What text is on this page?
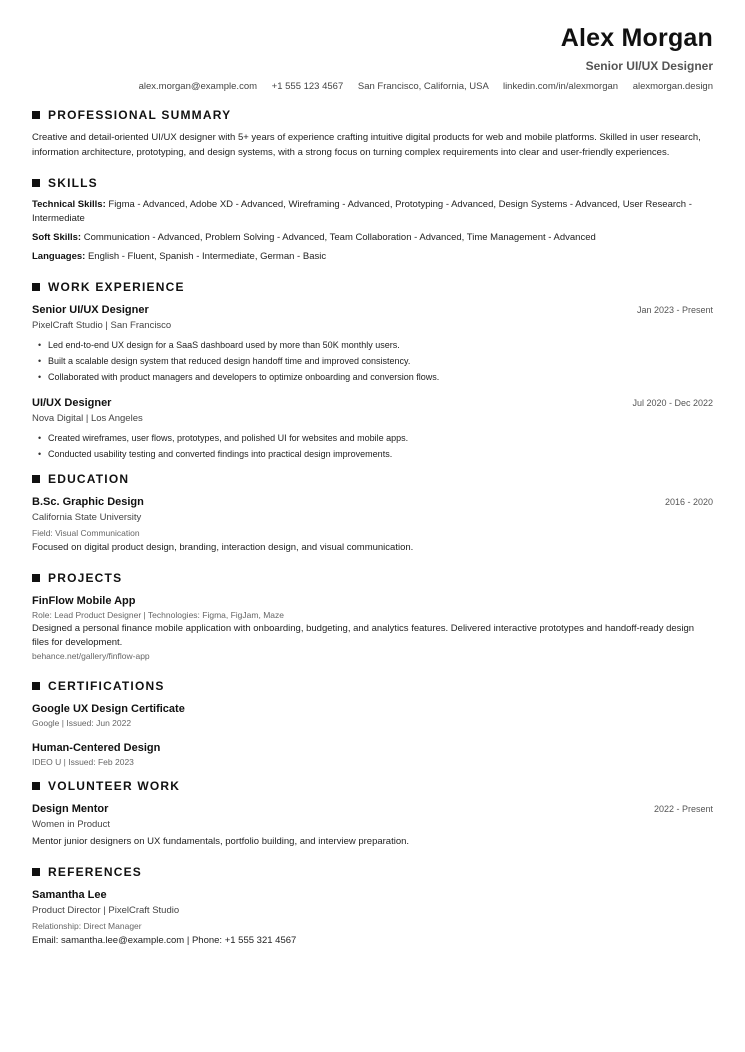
Alex Morgan
Senior UI/UX Designer
alex.morgan@example.com +1 555 123 4567 San Francisco, California, USA linkedin.com/in/alexmorgan alexmorgan.design
PROFESSIONAL SUMMARY

Creative and detail-oriented UI/UX designer with 5+ years of experience crafting intuitive digital products for web and mobile platforms. Skilled in user research, information architecture, prototyping, and design systems, with a strong focus on turning complex requirements into clear and user-friendly experiences.

SKILLS
Technical Skills: Figma - Advanced, Adobe XD - Advanced, Wireframing - Advanced, Prototyping - Advanced, Design Systems - Advanced, User Research - Intermediate
Soft Skills: Communication - Advanced, Problem Solving - Advanced, Team Collaboration - Advanced, Time Management - Advanced
Languages: English - Fluent, Spanish - Intermediate, German - Basic
WORK EXPERIENCE
Senior UI/UX Designer	Jan 2023 - Present
PixelCraft Studio | San Francisco
• Led end-to-end UX design for a SaaS dashboard used by more than 50K monthly users.
• Built a scalable design system that reduced design handoff time and improved consistency.
• Collaborated with product managers and developers to optimize onboarding and conversion flows.
UI/UX Designer	Jul 2020 - Dec 2022
Nova Digital | Los Angeles
• Created wireframes, user flows, prototypes, and polished UI for websites and mobile apps.
• Conducted usability testing and converted findings into practical design improvements.
EDUCATION
B.Sc. Graphic Design	2016 - 2020
California State University
Field: Visual Communication
Focused on digital product design, branding, interaction design, and visual communication.
PROJECTS
FinFlow Mobile App
Role: Lead Product Designer | Technologies: Figma, FigJam, Maze
Designed a personal finance mobile application with onboarding, budgeting, and analytics features. Delivered interactive prototypes and handoff-ready design files for development.
behance.net/gallery/finflow-app
CERTIFICATIONS
Google UX Design Certificate
Google | Issued: Jun 2022
Human-Centered Design
IDEO U | Issued: Feb 2023
VOLUNTEER WORK
Design Mentor	2022 - Present
Women in Product
Mentor junior designers on UX fundamentals, portfolio building, and interview preparation.
REFERENCES
Samantha Lee
Product Director | PixelCraft Studio
Relationship: Direct Manager
Email: samantha.lee@example.com | Phone: +1 555 321 4567
